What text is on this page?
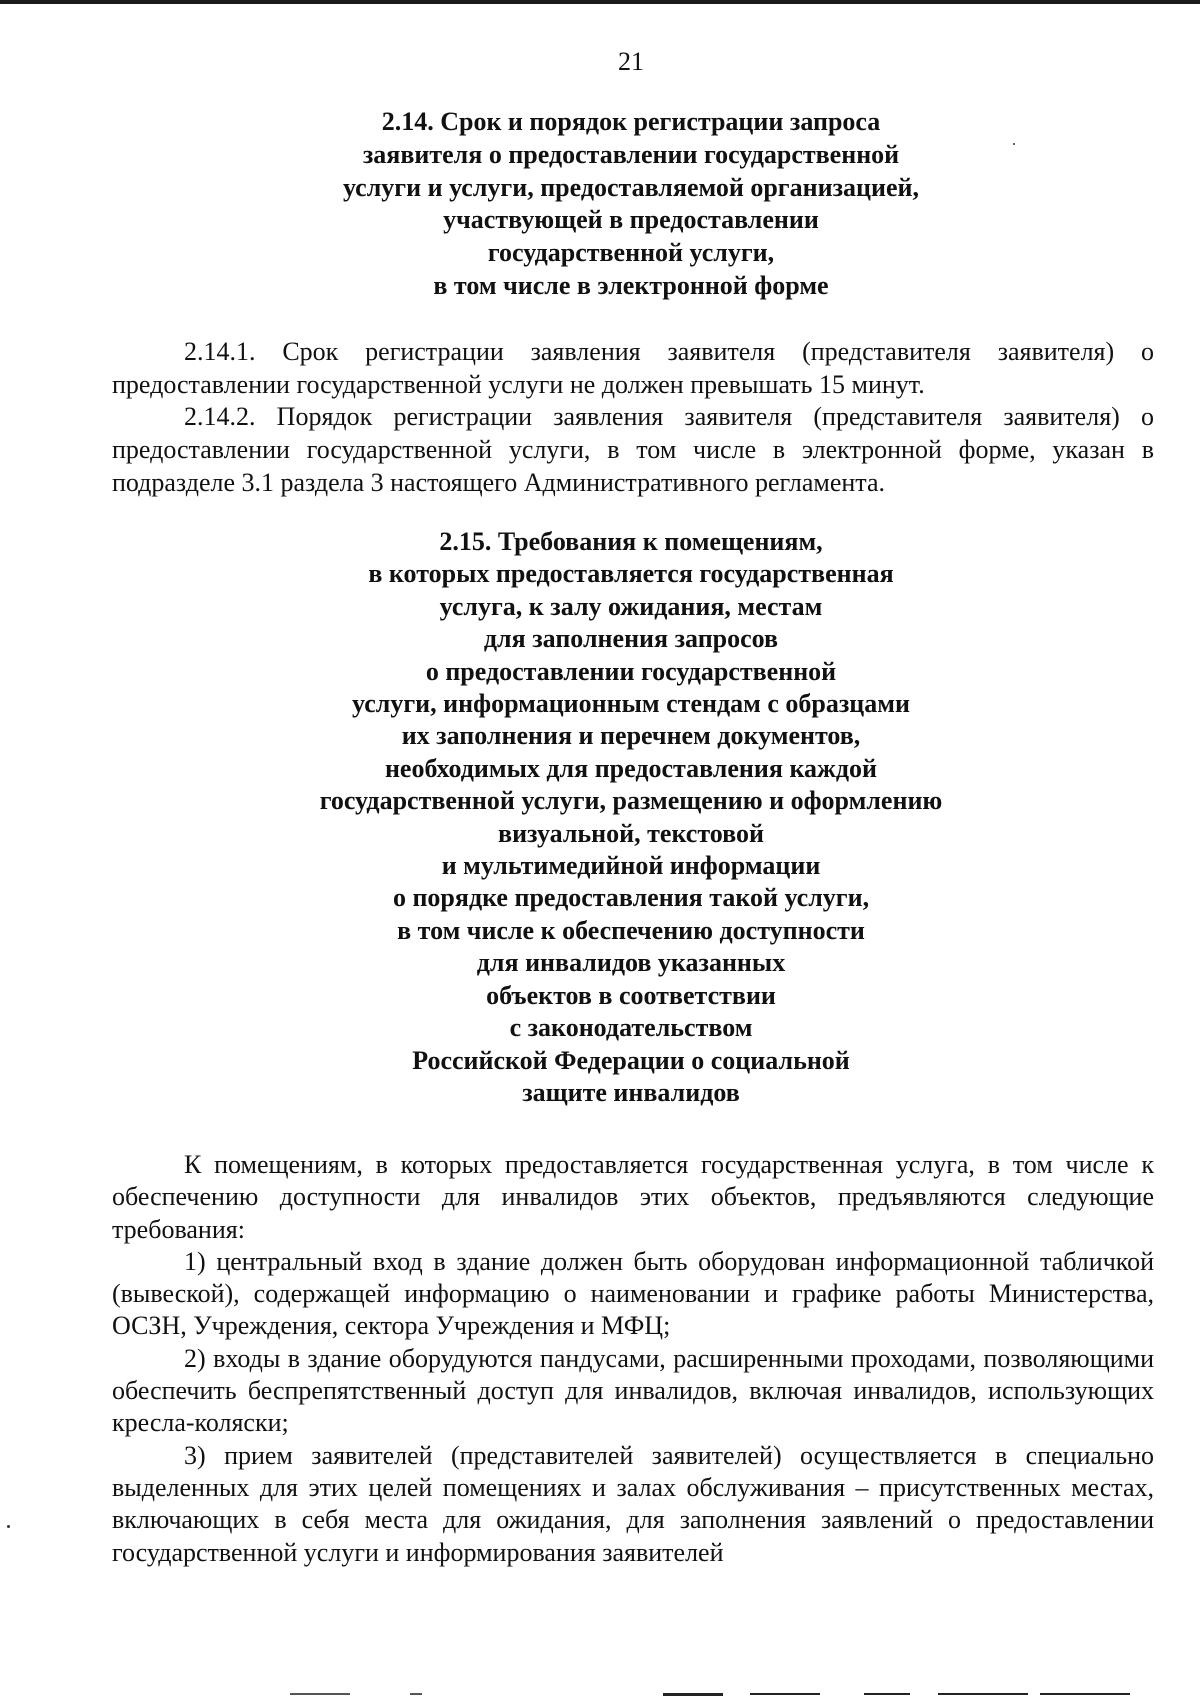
21
2.14. Срок и порядок регистрации запроса
заявителя о предоставлении государственной
услуги и услуги, предоставляемой организацией,
участвующей в предоставлении
государственной услуги,
в том числе в электронной форме

2.14.1. Срок регистрации заявления заявителя (представителя заявителя) о предоставлении государственной услуги не должен превышать 15 минут.

2.14.2. Порядок регистрации заявления заявителя (представителя заявителя) о предоставлении государственной услуги, в том числе в электронной форме, указан в подразделе 3.1 раздела 3 настоящего Административного регламента.

2.15. Требования к помещениям,
в которых предоставляется государственная
услуга, к залу ожидания, местам
для заполнения запросов
о предоставлении государственной
услуги, информационным стендам с образцами
их заполнения и перечнем документов,
необходимых для предоставления каждой
государственной услуги, размещению и оформлению
визуальной, текстовой
и мультимедийной информации
о порядке предоставления такой услуги,
в том числе к обеспечению доступности
для инвалидов указанных
объектов в соответствии
с законодательством
Российской Федерации о социальной
защите инвалидов

К помещениям, в которых предоставляется государственная услуга, в том числе к обеспечению доступности для инвалидов этих объектов, предъявляются следующие требования:

1) центральный вход в здание должен быть оборудован информационной табличкой (вывеской), содержащей информацию о наименовании и графике работы Министерства, ОСЗН, Учреждения, сектора Учреждения и МФЦ;

2) входы в здание оборудуются пандусами, расширенными проходами, позволяющими обеспечить беспрепятственный доступ для инвалидов, включая инвалидов, использующих кресла-коляски;

3) прием заявителей (представителей заявителей) осуществляется в специально выделенных для этих целей помещениях и залах обслуживания – присутственных местах, включающих в себя места для ожидания, для заполнения заявлений о предоставлении государственной услуги и информирования заявителей
